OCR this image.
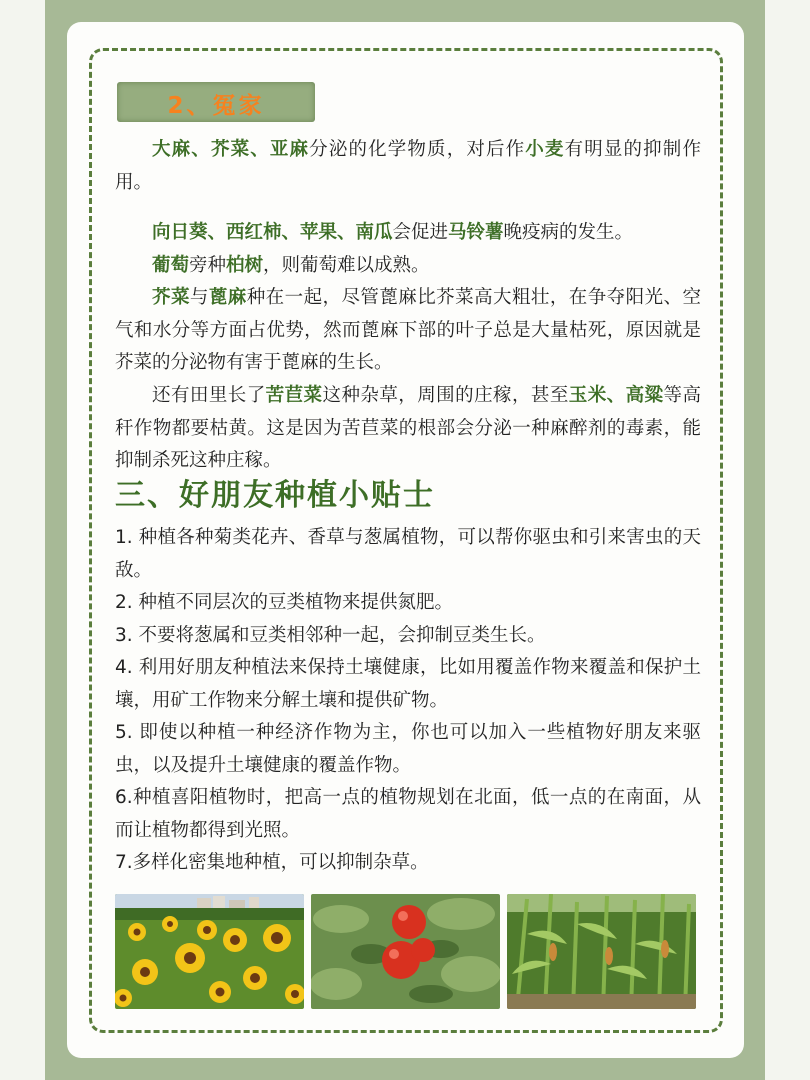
2、冤家

大麻、芥菜、亚麻分泌的化学物质，对后作小麦有明显的抑制作用。

向日葵、西红柿、苹果、南瓜会促进马铃薯晚疫病的发生。

葡萄旁种柏树，则葡萄难以成熟。

芥菜与蓖麻种在一起，尽管蓖麻比芥菜高大粗壮，在争夺阳光、空气和水分等方面占优势，然而蓖麻下部的叶子总是大量枯死，原因就是芥菜的分泌物有害于蓖麻的生长。

还有田里长了苦苣菜这种杂草，周围的庄稼，甚至玉米、高粱等高秆作物都要枯黄。这是因为苦苣菜的根部会分泌一种麻醉剂的毒素，能抑制杀死这种庄稼。

三、好朋友种植小贴士
1. 种植各种菊类花卉、香草与葱属植物，可以帮你驱虫和引来害虫的天敌。
2. 种植不同层次的豆类植物来提供氮肥。
3. 不要将葱属和豆类相邻种一起，会抑制豆类生长。
4. 利用好朋友种植法来保持土壤健康，比如用覆盖作物来覆盖和保护土壤，用矿工作物来分解土壤和提供矿物。
5. 即使以种植一种经济作物为主，你也可以加入一些植物好朋友来驱虫，以及提升土壤健康的覆盖作物。
6.种植喜阳植物时，把高一点的植物规划在北面，低一点的在南面，从而让植物都得到光照。
7.多样化密集地种植，可以抑制杂草。
